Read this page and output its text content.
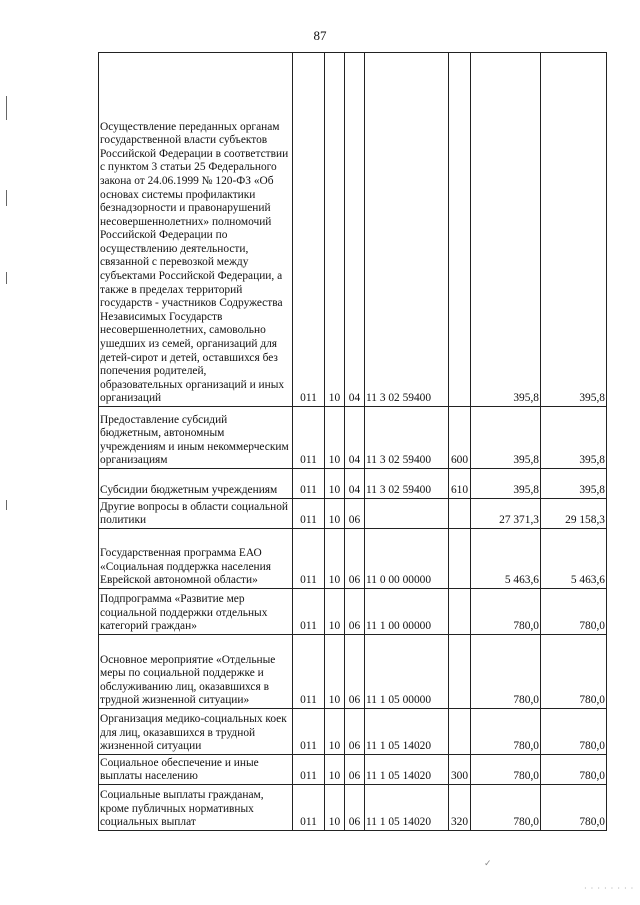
87
Осуществление переданных органам государственной власти субъектов Российской Федерации в соответствии с пунктом 3 статьи 25 Федерального закона от 24.06.1999 № 120-ФЗ «Об основах системы профилактики безнадзорности и правонарушений несовершеннолетних» полномочий Российской Федерации по осуществлению деятельности, связанной с перевозкой между субъектами Российской Федерации, а также в пределах территорий государств - участников Содружества Независимых Государств несовершеннолетних, самовольно ушедших из семей, организаций для детей-сирот и детей, оставшихся без попечения родителей, образовательных организаций и иных организаций	011	10	04	11 3 02 59400		395,8	395,8
Предоставление субсидий бюджетным, автономным учреждениям и иным некоммерческим организациям	011	10	04	11 3 02 59400	600	395,8	395,8
Субсидии бюджетным учреждениям	011	10	04	11 3 02 59400	610	395,8	395,8
Другие вопросы в области социальной политики	011	10	06			27 371,3	29 158,3
Государственная программа ЕАО «Социальная поддержка населения Еврейской автономной области»	011	10	06	11 0 00 00000		5 463,6	5 463,6
Подпрограмма «Развитие мер социальной поддержки отдельных категорий граждан»	011	10	06	11 1 00 00000		780,0	780,0
Основное мероприятие «Отдельные меры по социальной поддержке и обслуживанию лиц, оказавшихся в трудной жизненной ситуации»	011	10	06	11 1 05 00000		780,0	780,0
Организация медико-социальных коек для лиц, оказавшихся в трудной жизненной ситуации	011	10	06	11 1 05 14020		780,0	780,0
Социальное обеспечение и иные выплаты населению	011	10	06	11 1 05 14020	300	780,0	780,0
Социальные выплаты гражданам, кроме публичных нормативных социальных выплат	011	10	06	11 1 05 14020	320	780,0	780,0
✓
· · · · · · · ·
